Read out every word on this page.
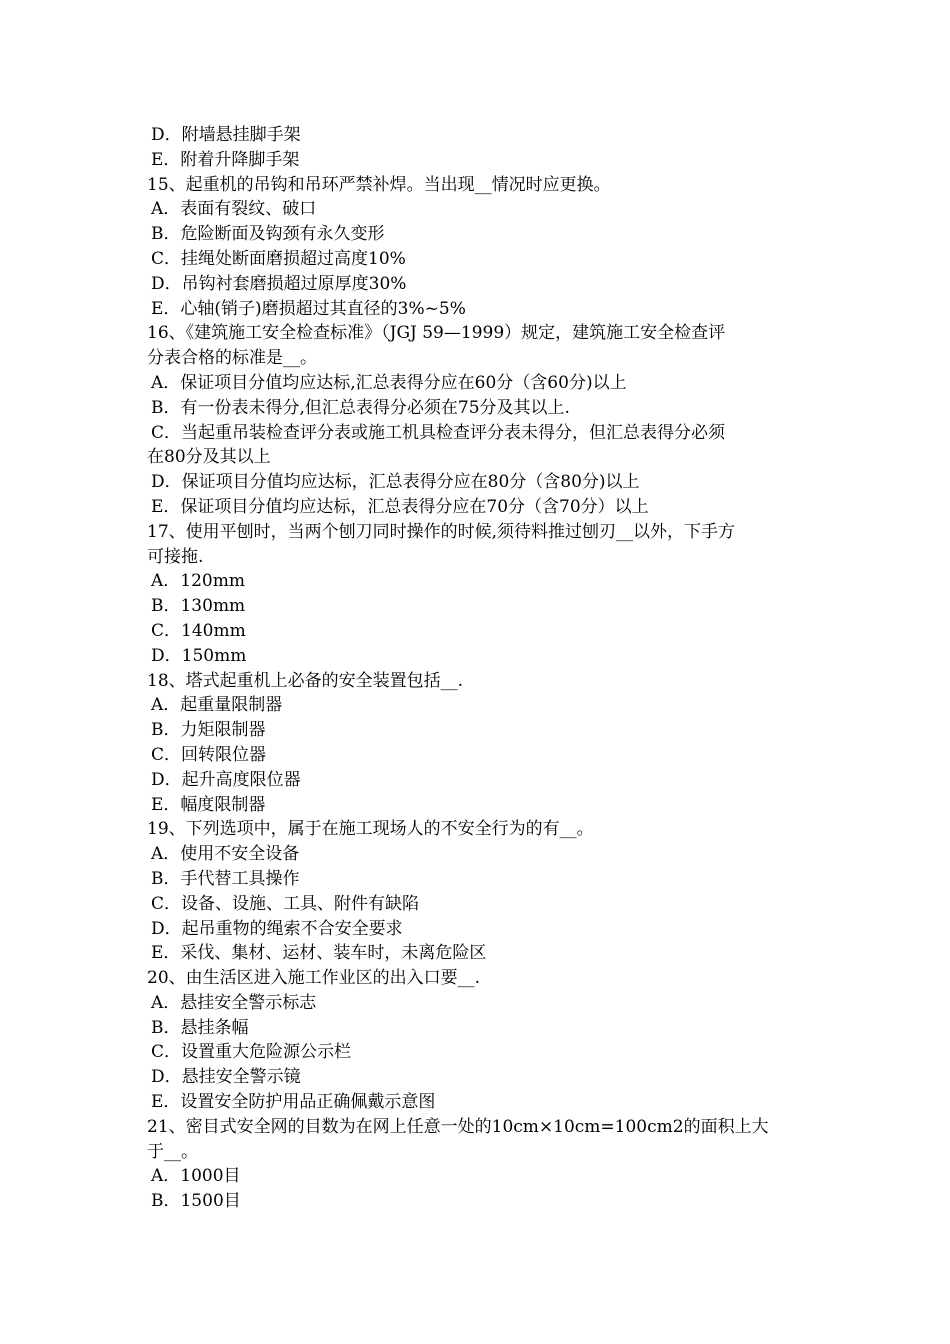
D．附墙悬挂脚手架

E．附着升降脚手架

15、起重机的吊钩和吊环严禁补焊。当出现__情况时应更换。

A．表面有裂纹、破口

B．危险断面及钩颈有永久变形

C．挂绳处断面磨损超过高度10%

D．吊钩衬套磨损超过原厚度30%

E．心轴(销子)磨损超过其直径的3%~5%

16、《建筑施工安全检查标准》（JGJ 59—1999）规定，建筑施工安全检查评

分表合格的标准是__。

A．保证项目分值均应达标,汇总表得分应在60分（含60分)以上

B．有一份表未得分,但汇总表得分必须在75分及其以上.

C．当起重吊装检查评分表或施工机具检查评分表未得分，但汇总表得分必须

在80分及其以上

D．保证项目分值均应达标，汇总表得分应在80分（含80分)以上

E．保证项目分值均应达标，汇总表得分应在70分（含70分）以上

17、使用平刨时，当两个刨刀同时操作的时候,须待料推过刨刃__以外，下手方

可接拖.

A．120mm

B．130mm

C．140mm

D．150mm

18、塔式起重机上必备的安全装置包括__.

A．起重量限制器

B．力矩限制器

C．回转限位器

D．起升高度限位器

E．幅度限制器

19、下列选项中，属于在施工现场人的不安全行为的有__。

A．使用不安全设备

B．手代替工具操作

C．设备、设施、工具、附件有缺陷

D．起吊重物的绳索不合安全要求

E．采伐、集材、运材、装车时，未离危险区

20、由生活区进入施工作业区的出入口要__.

A．悬挂安全警示标志

B．悬挂条幅

C．设置重大危险源公示栏

D．悬挂安全警示镜

E．设置安全防护用品正确佩戴示意图

21、密目式安全网的目数为在网上任意一处的10cm×10cm=100cm2的面积上大

于__。

A．1000目

B．1500目
